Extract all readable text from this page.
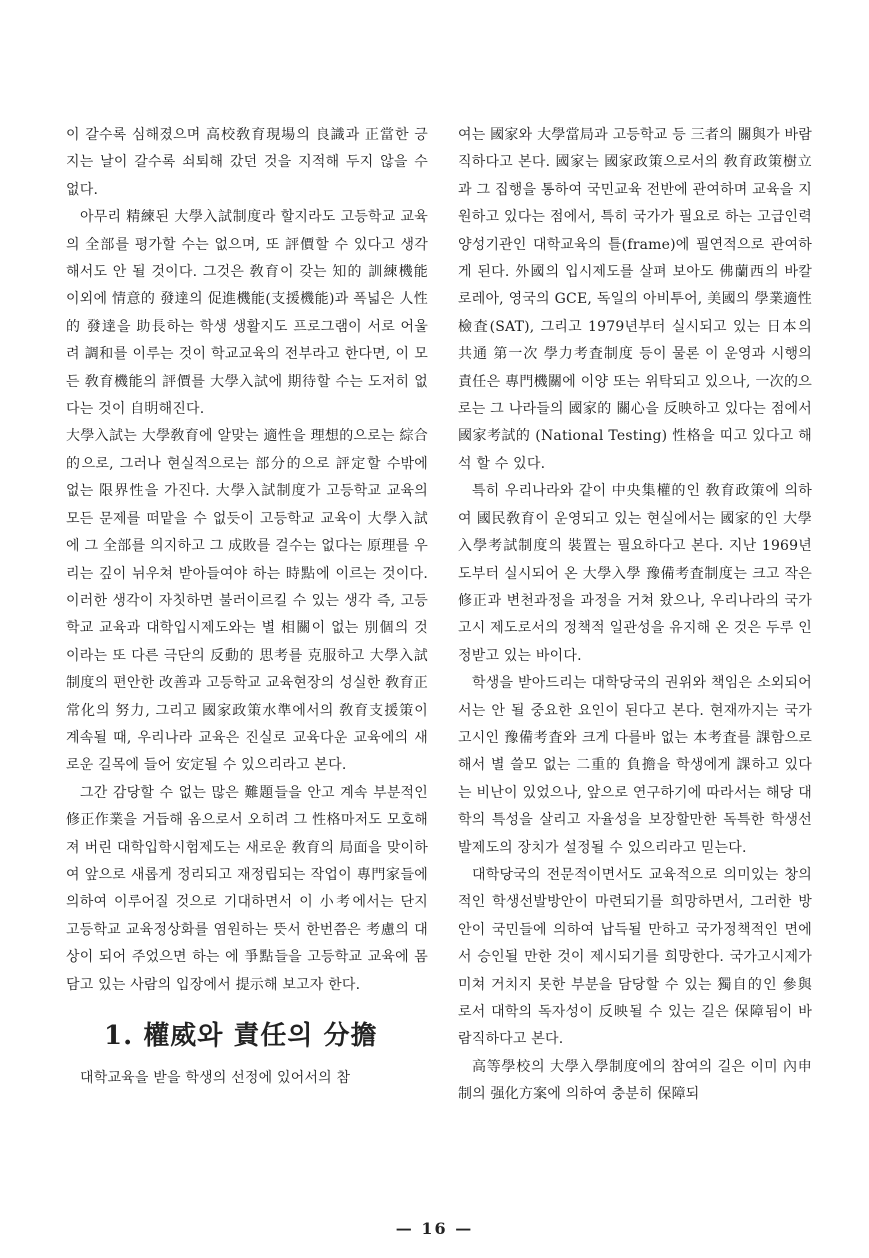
이 갈수록 심해졌으며 高校敎育現場의 良識과 正當한 긍지는 날이 갈수록 쇠퇴해 갔던 것을 지적해 두지 않을 수 없다.

아무리 精練된 大學入試制度라 할지라도 고등학교 교육의 全部를 평가할 수는 없으며, 또 評價할 수 있다고 생각해서도 안 될 것이다. 그것은 敎育이 갖는 知的 訓練機能 이외에 情意的 發達의 促進機能(支援機能)과 폭넓은 人性的 發達을 助長하는 학생 생활지도 프로그램이 서로 어울려 調和를 이루는 것이 학교교육의 전부라고 한다면, 이 모든 敎育機能의 評價를 大學入試에 期待할 수는 도저히 없다는 것이 自明해진다.

大學入試는 大學敎育에 알맞는 適性을 理想的으로는 綜合的으로, 그러나 현실적으로는 部分的으로 評定할 수밖에 없는 限界性을 가진다. 大學入試制度가 고등학교 교육의 모든 문제를 떠맡을 수 없듯이 고등학교 교육이 大學入試에 그 全部를 의지하고 그 成敗를 걸수는 없다는 原理를 우리는 깊이 뉘우쳐 받아들여야 하는 時點에 이르는 것이다. 이러한 생각이 자칫하면 불러이르킬 수 있는 생각 즉, 고등학교 교육과 대학입시제도와는 별 相關이 없는 別個의 것이라는 또 다른 극단의 反動的 思考를 克服하고 大學入試制度의 편안한 改善과 고등학교 교육현장의 성실한 敎育正常化의 努力, 그리고 國家政策水準에서의 敎育支援策이 계속될 때, 우리나라 교육은 진실로 교육다운 교육에의 새로운 길목에 들어 安定될 수 있으리라고 본다.

그간 감당할 수 없는 많은 難題들을 안고 계속 부분적인 修正作業을 거듭해 옴으로서 오히려 그 性格마저도 모호해져 버린 대학입학시험제도는 새로운 敎育의 局面을 맞이하여 앞으로 새롭게 정리되고 재정립되는 작업이 專門家들에 의하여 이루어질 것으로 기대하면서 이 小考에서는 단지 고등학교 교육정상화를 염원하는 뜻서 한번쯤은 考慮의 대상이 되어 주었으면 하는 에 爭點들을 고등학교 교육에 몸담고 있는 사람의 입장에서 提示해 보고자 한다.

1. 權威와 責任의 分擔

대학교육을 받을 학생의 선정에 있어서의 참

여는 國家와 大學當局과 고등학교 등 三者의 關與가 바람직하다고 본다. 國家는 國家政策으로서의 敎育政策樹立과 그 집행을 통하여 국민교육 전반에 관여하며 교육을 지원하고 있다는 점에서, 특히 국가가 필요로 하는 고급인력 양성기관인 대학교육의 틀(frame)에 필연적으로 관여하게 된다. 外國의 입시제도를 살펴 보아도 佛蘭西의 바칼로레아, 영국의 GCE, 독일의 아비투어, 美國의 學業適性檢査(SAT), 그리고 1979년부터 실시되고 있는 日本의 共通 第一次 學力考査制度 등이 물론 이 운영과 시행의 責任은 專門機關에 이양 또는 위탁되고 있으나, 一次的으로는 그 나라들의 國家的 關心을 反映하고 있다는 점에서 國家考試的 (National Testing) 性格을 띠고 있다고 해석 할 수 있다.

특히 우리나라와 같이 中央集權的인 敎育政策에 의하여 國民敎育이 운영되고 있는 현실에서는 國家的인 大學入學考試制度의 裝置는 필요하다고 본다. 지난 1969년도부터 실시되어 온 大學入學 豫備考査制度는 크고 작은 修正과 변천과정을 과정을 거쳐 왔으나, 우리나라의 국가고시 제도로서의 정책적 일관성을 유지해 온 것은 두루 인정받고 있는 바이다.

학생을 받아드리는 대학당국의 권위와 책임은 소외되어서는 안 될 중요한 요인이 된다고 본다. 현재까지는 국가고시인 豫備考査와 크게 다를바 없는 本考査를 課함으로 해서 별 쓸모 없는 二重的 負擔을 학생에게 課하고 있다는 비난이 있었으나, 앞으로 연구하기에 따라서는 해당 대학의 특성을 살리고 자율성을 보장할만한 독특한 학생선발제도의 장치가 설정될 수 있으리라고 믿는다.

대학당국의 전문적이면서도 교육적으로 의미있는 창의적인 학생선발방안이 마련되기를 희망하면서, 그러한 방안이 국민들에 의하여 납득될 만하고 국가정책적인 면에서 승인될 만한 것이 제시되기를 희망한다. 국가고시제가 미쳐 거치지 못한 부분을 담당할 수 있는 獨自的인 參與로서 대학의 독자성이 反映될 수 있는 길은 保障됨이 바람직하다고 본다.

高等學校의 大學入學制度에의 참여의 길은 이미 內申制의 强化方案에 의하여 충분히 保障되

— 16 —
